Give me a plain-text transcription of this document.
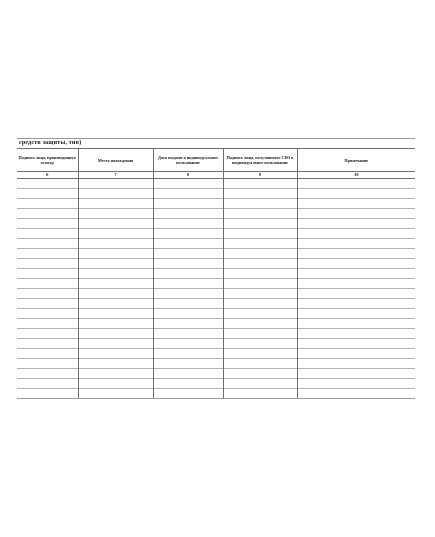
средств защиты, тип)
Подпись лица, производящего осмотр	Место нахождения	Дата выдачи в индивидуальное пользование	Подпись лица, получившего СИЗ в индивидуальное пользование	Примечание
6	7	8	9	10
